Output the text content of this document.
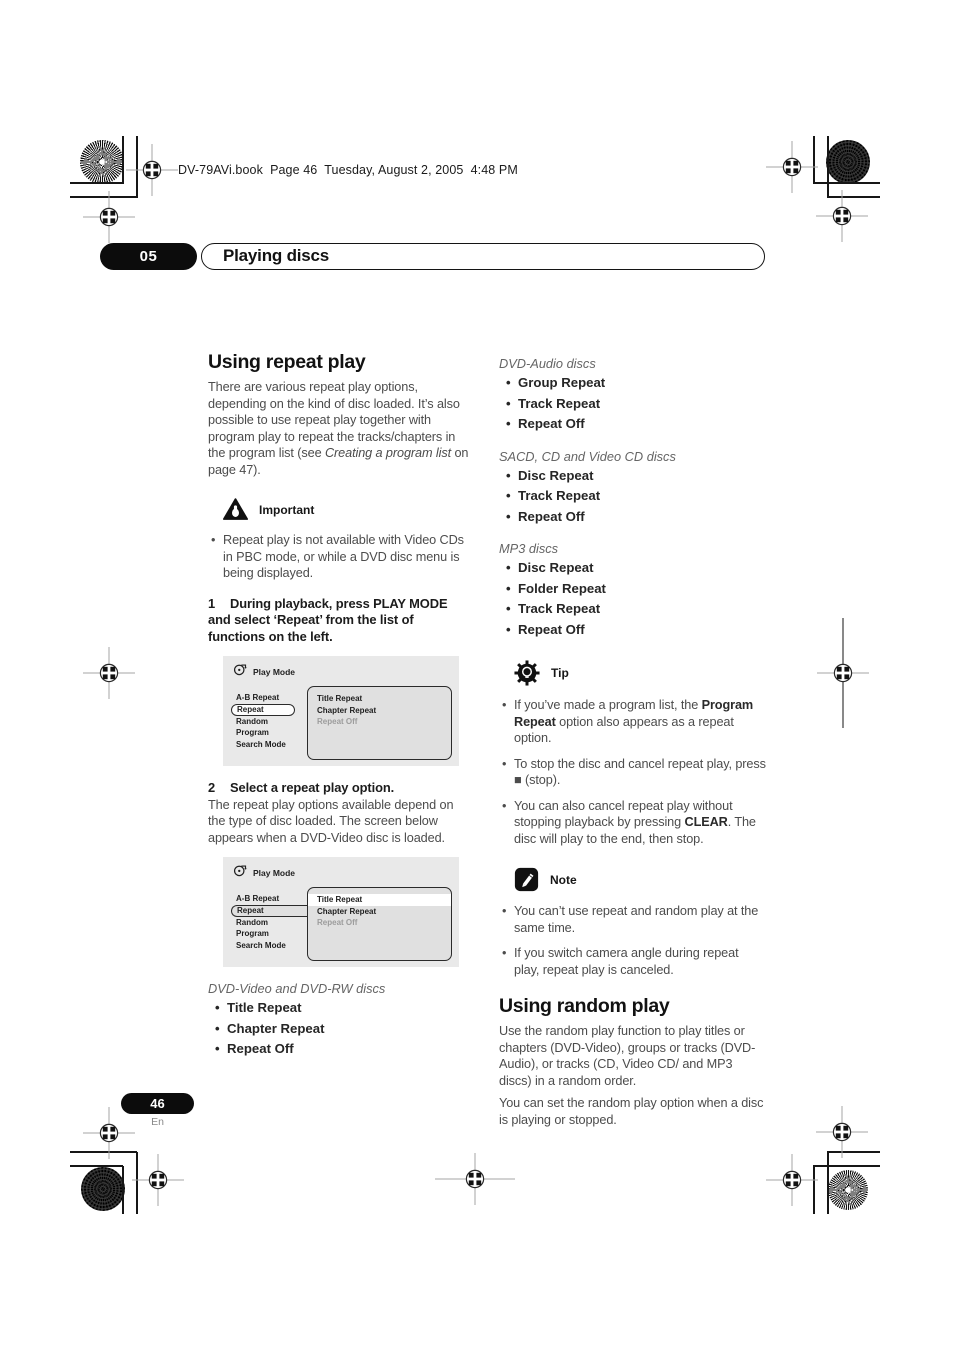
DV-79AVi.book  Page 46  Tuesday, August 2, 2005  4:48 PM
05	Playing discs
Using repeat play

There are various repeat play options, depending on the kind of disc loaded. It’s also possible to use repeat play together with program play to repeat the tracks/chapters in the program list (see Creating a program list on page 47).

Important
• Repeat play is not available with Video CDs in PBC mode, or while a DVD disc menu is being displayed.

1 During playback, press PLAY MODE and select ‘Repeat’ from the list of functions on the left.

Play Mode
A-B Repeat
Repeat
Random
Program
Search Mode
Title Repeat
Chapter Repeat
Repeat Off

2 Select a repeat play option.

The repeat play options available depend on the type of disc loaded. The screen below appears when a DVD-Video disc is loaded.

Play Mode
A-B Repeat
Repeat
Random
Program
Search Mode
Title Repeat
Chapter Repeat
Repeat Off
DVD-Video and DVD-RW discs
• Title Repeat
• Chapter Repeat
• Repeat Off
DVD-Audio discs
• Group Repeat
• Track Repeat
• Repeat Off
SACD, CD and Video CD discs
• Disc Repeat
• Track Repeat
• Repeat Off
MP3 discs
• Disc Repeat
• Folder Repeat
• Track Repeat
• Repeat Off
Tip
• If you’ve made a program list, the Program Repeat option also appears as a repeat option.
• To stop the disc and cancel repeat play, press ■ (stop).
• You can also cancel repeat play without stopping playback by pressing CLEAR. The disc will play to the end, then stop.
Note
• You can’t use repeat and random play at the same time.
• If you switch camera angle during repeat play, repeat play is canceled.
Using random play

Use the random play function to play titles or chapters (DVD-Video), groups or tracks (DVD-Audio), or tracks (CD, Video CD/ and MP3 discs) in a random order.

You can set the random play option when a disc is playing or stopped.

46
En
